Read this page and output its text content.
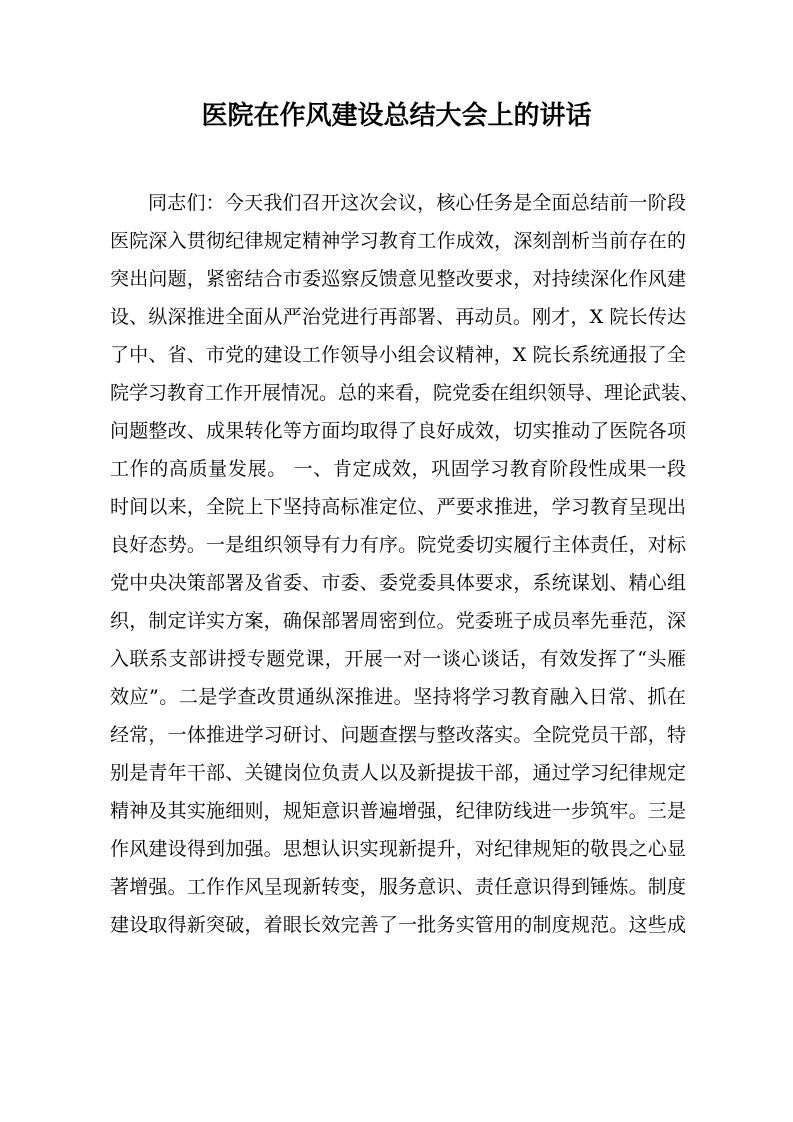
医院在作风建设总结大会上的讲话
同志们：今天我们召开这次会议，核心任务是全面总结前一阶段
医院深入贯彻纪律规定精神学习教育工作成效，深刻剖析当前存在的
突出问题，紧密结合市委巡察反馈意见整改要求，对持续深化作风建
设、纵深推进全面从严治党进行再部署、再动员。刚才，X 院长传达
了中、省、市党的建设工作领导小组会议精神，X 院长系统通报了全
院学习教育工作开展情况。总的来看，院党委在组织领导、理论武装、
问题整改、成果转化等方面均取得了良好成效，切实推动了医院各项
工作的高质量发展。 一、肯定成效，巩固学习教育阶段性成果一段
时间以来，全院上下坚持高标准定位、严要求推进，学习教育呈现出
良好态势。一是组织领导有力有序。院党委切实履行主体责任，对标
党中央决策部署及省委、市委、委党委具体要求，系统谋划、精心组
织，制定详实方案，确保部署周密到位。党委班子成员率先垂范，深
入联系支部讲授专题党课，开展一对一谈心谈话，有效发挥了“头雁
效应”。二是学查改贯通纵深推进。坚持将学习教育融入日常、抓在
经常，一体推进学习研讨、问题查摆与整改落实。全院党员干部，特
别是青年干部、关键岗位负责人以及新提拔干部，通过学习纪律规定
精神及其实施细则，规矩意识普遍增强，纪律防线进一步筑牢。三是
作风建设得到加强。思想认识实现新提升，对纪律规矩的敬畏之心显
著增强。工作作风呈现新转变，服务意识、责任意识得到锤炼。制度
建设取得新突破，着眼长效完善了一批务实管用的制度规范。这些成
